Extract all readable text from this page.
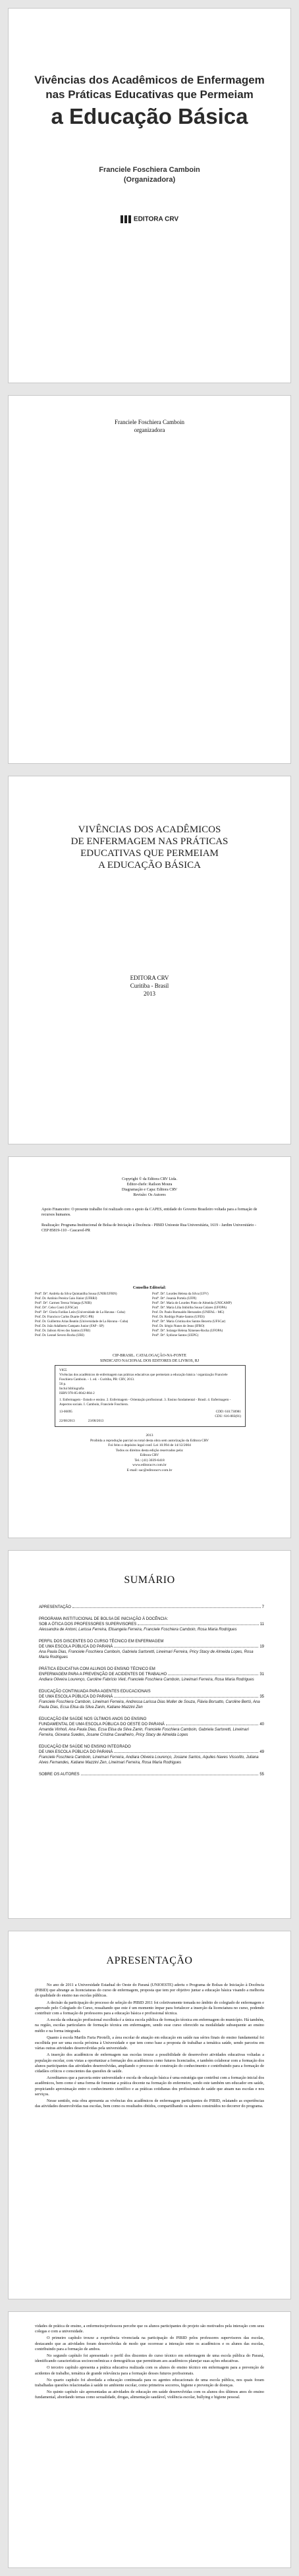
Vivências dos Acadêmicos de Enfermagem
nas Práticas Educativas que Permeiam
a Educação Básica
Franciele Foschiera Camboin
(Organizadora)
EDITORA CRV
Franciele Foschiera Camboin
organizadora
VIVÊNCIAS DOS ACADÊMICOS
DE ENFERMAGEM NAS PRÁTICAS
EDUCATIVAS QUE PERMEIAM
A EDUCAÇÃO BÁSICA
EDITORA CRV
Curitiba - Brasil
2013
Copyright © da Editora CRV Ltda.
Editor-chefe: Railson Moura
Diagramação e Capa: Editora CRV
Revisão: Os Autores
Apoio Financeiro: O presente trabalho foi realizado com o apoio da CAPES, entidade do Governo Brasileiro voltada para a formação de recursos humanos.
Realização: Programa Institucional de Bolsa de Iniciação à Docência - PIBID Unioeste Rua Universitária, 1619 - Jardim Universitário - CEP 85819-110 - Cascavel-PR
Conselho Editorial:
Profª. Drª. Andréia da Silva Quintanilha Sousa (UNIR/UFRN)	Profª. Drª. Lourdes Helena da Silva (UFV)
Prof. Dr. Antônio Pereira Gaio Júnior (UFRRJ)	Profª. Drª. Josania Portela (UFPI)
Profª. Drª. Carmen Tereza Velanga (UNIR)	Profª. Drª. Maria de Lourdes Pinto de Almeida (UNICAMP)
Prof. Drº. Celso Conti (UFSCar)	Profª. Drª. Maria Lília Imbiriba Sousa Colares (UFOPA)
Profª. Drª. Gloria Fariñas León (Universidade de La Havana - Cuba)	Prof. Dr. Paulo Romualdo Hernandes (UNIFAL - MG)
Prof. Dr. Francisco Carlos Duarte (PUC-PR)	Prof. Dr. Rodrigo Pratte-Santos (UFES)
Prof. Dr. Guillermo Arias Beatón (Universidade de La Havana - Cuba)	Profª. Drª. Maria Cristina dos Santos Bezerra (UFSCar)
Prof. Dr. João Adalberto Campato Junior (FAP - SP)	Prof. Dr. Sérgio Nunes de Jesus (IFRO)
Prof. Dr. Jailson Alves dos Santos (UFRJ)	Profª. Drª. Solange Helena Ximenes-Rocha (UFOPA)
Prof. Dr. Leonel Severo Rocha (URI)	Profª. Drª. Sydione Santos (UEPG)
CIP-BRASIL. CATALOGAÇÃO-NA-FONTE
SINDICATO NACIONAL DOS EDITORES DE LIVROS, RJ
V855
Vivências dos acadêmicos de enfermagem nas práticas educativas que permeiam a educação básica / organização Franciele Foschiera Camboin. - 1. ed. - Curitiba, PR: CRV, 2013.
56 p.
Inclui bibliografia
ISBN 978-85-8042-884-2
1. Enfermagem - Estudo e ensino. 2. Enfermagem - Orientação profissional. 3. Ensino fundamental - Brasil. 4. Enfermagem - Aspectos sociais. I. Camboin, Franciele Foschiera.
13-06095	CDD: 610.730981
CDU: 616-083(81)
22/08/2013	23/08/2013
2013
Proibida a reprodução parcial ou total desta obra sem autorização da Editora CRV
Foi feito o depósito legal conf. Lei 10.994 de 14/12/2004
Todos os direitos desta edição reservados pela:
Editora CRV
Tel.: (41) 3039-6418
www.editoracrv.com.br
E-mail: sac@editoracrv.com.br
SUMÁRIO
APRESENTAÇÃO	7
PROGRAMA INSTITUCIONAL DE BOLSA DE INICIAÇÃO À DOCÊNCIA:
SOB A ÓTICA DOS PROFESSORES SUPERVISORES	11
Alessandra de Antoni, Larissa Ferreira, Elisangela Ferreira, Franciele Foschiera Camboin, Rosa Maria Rodrigues
PERFIL DOS DISCENTES DO CURSO TÉCNICO EM ENFERMAGEM
DE UMA ESCOLA PÚBLICA DO PARANÁ	19
Ana Paula Dias, Franciele Foschiera Camboin, Gabriela Sartoretti, Lineimari Ferreira, Pricy Stacy de Almeida Lopes, Rosa Maria Rodrigues
PRÁTICA EDUCATIVA COM ALUNOS DO ENSINO TÉCNICO EM
ENFERMAGEM PARA A PREVENÇÃO DE ACIDENTES DE TRABALHO	31
Andiara Oliveira Lourenço, Caroline Fabrício Vieti, Franciele Foschiera Camboin, Lineimari Ferreira, Rosa Maria Rodrigues
EDUCAÇÃO CONTINUADA PARA AGENTES EDUCACIONAIS
DE UMA ESCOLA PÚBLICA DO PARANÁ	35
Franciele Foschiera Camboin, Lineimari Ferreira, Andressa Larissa Dias Muller de Souza, Flávia Borsatto, Caroline Bertó, Ana Paula Dias, Ecsa Elisa da Silva Zanin, Katiane Mazzini Zen
EDUCAÇÃO EM SAÚDE NOS ÚLTIMOS ANOS DO ENSINO
FUNDAMENTAL DE UMA ESCOLA PÚBLICA DO OESTE DO PARANÁ	40
Amanda Vinholi, Ana Paula Dias, Ecsa Elisa da Silva Zanin, Franciele Foschiera Camboin, Gabriela Sartoretti, Lineimari Ferreira, Giovana Suedes, Josane Cristina Cavalheiro, Pricy Stacy de Almeida Lopes
EDUCAÇÃO EM SAÚDE NO ENSINO INTEGRADO
DE UMA ESCOLA PÚBLICA DO PARANÁ	49
Franciele Foschiera Camboin, Lineimari Ferreira, Andiara Oliveira Lourenço, Josiane Santos, Aquiles Naves Vissoitto, Juliana Alves Fernandes, Katiane Mazzini Zen, Lineimari Ferreira, Rosa Maria Rodrigues
SOBRE OS AUTORES	55
APRESENTAÇÃO

No ano de 2011 a Universidade Estadual do Oeste do Paraná (UNIOESTE) aderiu o Programa de Bolsas de Iniciação à Docência (PIBID) que abrange as licenciaturas do curso de enfermagem, proposta que tem por objetivo juntar a educação básica visando a melhoria da qualidade do ensino nas escolas públicas.

A decisão da participação do processo de seleção do PIBID 2011 foi coletivamente tomada no âmbito do colegiado de enfermagem e aprovado pelo Colegiado do Curso, ressaltando que este é um momento ímpar para fortalecer a inserção da licenciatura no curso, podendo contribuir com a formação de professores para a educação básica e profissional técnica.

A escola da educação profissional escolhida é a única escola pública de formação técnica em enfermagem do município. Há também, na região, escolas particulares de formação técnica em enfermagem, sendo esse curso oferecido na modalidade subsequente ao ensino médio e na forma integrada.

Quanto à escola Marilis Faria Pirotelli, a área escolar de atuação em educação em saúde nas séries finais do ensino fundamental foi escolhida por ser uma escola próxima à Universidade e que tem como base a proposta de trabalhar a temática saúde, sendo parceira em várias outras atividades desenvolvidas pela universidade.

A inserção dos acadêmicos de enfermagem nas escolas trouxe a possibilidade de desenvolver atividades educativas voltadas a população escolar, com vistas a oportunizar a formação dos acadêmicos como futuros licenciados, e também colaborar com a formação dos alunos participantes das atividades desenvolvidas, ampliando o processo de construção do conhecimento e contribuindo para a formação de cidadãos críticos e conscientes das questões de saúde.

Acreditamos que a parceria entre universidade e escola de educação básica é uma estratégia que contribui com a formação inicial dos acadêmicos, bem como é uma forma de fomentar a prática docente na formação do enfermeiro, sendo este também um educador em saúde, propiciando aproximação entre o conhecimento científico e as práticas cotidianas dos profissionais de saúde que atuam nas escolas e nos serviços.

Nesse sentido, esta obra apresenta as vivências dos acadêmicos de enfermagem participantes do PIBID, relatando as experiências das atividades desenvolvidas nas escolas, bem como os resultados obtidos, compartilhando os saberes construídos no decorrer do programa.

vidades de prática de ensino, a enfermeira/professora percebe que os alunos participantes do projeto são motivados pela interação com seus colegas e com a universidade.

O primeiro capítulo trouxe a experiência vivenciada na participação do PIBID pelos professores supervisores das escolas, destacando que as atividades foram desenvolvidas de modo que ocorresse a interação entre os acadêmicos e os alunos das escolas, contribuindo para a formação de ambos.

No segundo capítulo foi apresentado o perfil dos discentes do curso técnico em enfermagem de uma escola pública do Paraná, identificando características socioeconômicas e demográficas que permitiram aos acadêmicos planejar suas ações educativas.

O terceiro capítulo apresenta a prática educativa realizada com os alunos do ensino técnico em enfermagem para a prevenção de acidentes de trabalho, temática de grande relevância para a formação desses futuros profissionais.

No quarto capítulo foi abordada a educação continuada para os agentes educacionais de uma escola pública, nos quais foram trabalhadas questões relacionadas à saúde no ambiente escolar, como primeiros socorros, higiene e prevenção de doenças.

No quinto capítulo são apresentadas as atividades de educação em saúde desenvolvidas com os alunos dos últimos anos do ensino fundamental, abordando temas como sexualidade, drogas, alimentação saudável, violência escolar, bullying e higiene pessoal.
